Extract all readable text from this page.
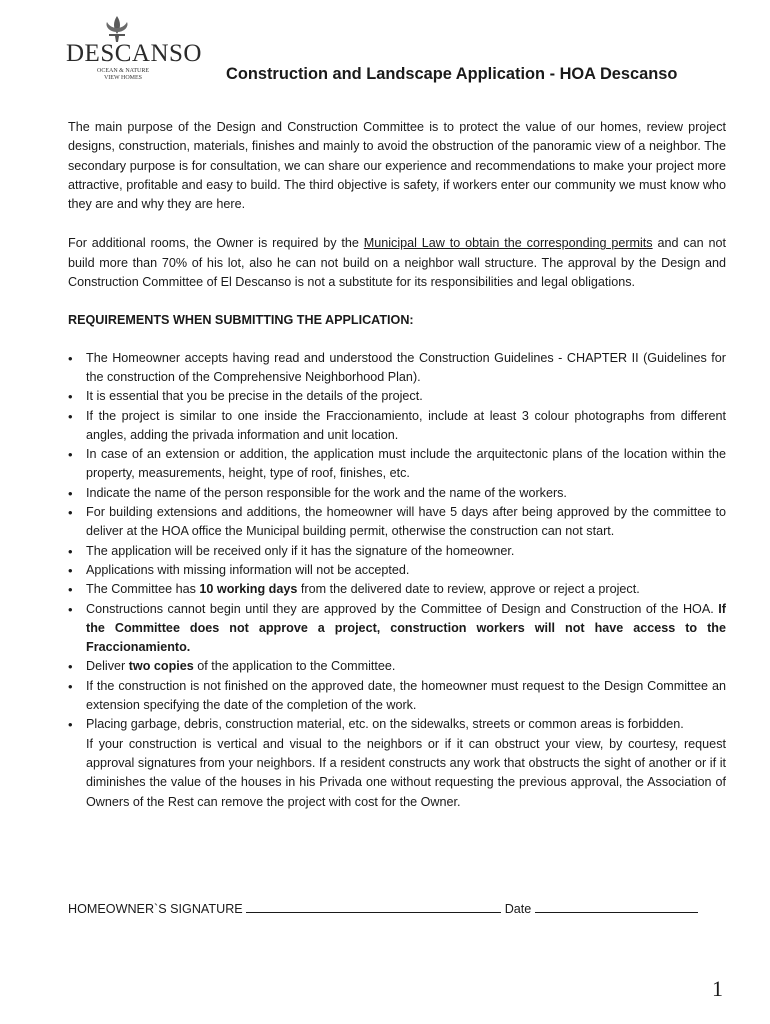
DESCANSO
OCEAN & NATURE
VIEW HOMES	Construction and Landscape Application - HOA Descanso

The main purpose of the Design and Construction Committee is to protect the value of our homes, review project designs, construction, materials, finishes and mainly to avoid the obstruction of the panoramic view of a neighbor. The secondary purpose is for consultation, we can share our experience and recommendations to make your project more attractive, profitable and easy to build. The third objective is safety, if workers enter our community we must know who they are and why they are here.

For additional rooms, the Owner is required by the Municipal Law to obtain the corresponding permits and can not build more than 70% of his lot, also he can not build on a neighbor wall structure. The approval by the Design and Construction Committee of El Descanso is not a substitute for its responsibilities and legal obligations.

REQUIREMENTS WHEN SUBMITTING THE APPLICATION:

• The Homeowner accepts having read and understood the Construction Guidelines - CHAPTER II (Guidelines for the construction of the Comprehensive Neighborhood Plan).
• It is essential that you be precise in the details of the project.
• If the project is similar to one inside the Fraccionamiento, include at least 3 colour photographs from different angles, adding the privada information and unit location.
• In case of an extension or addition, the application must include the arquitectonic plans of the location within the property, measurements, height, type of roof, finishes, etc.
• Indicate the name of the person responsible for the work and the name of the workers.
• For building extensions and additions, the homeowner will have 5 days after being approved by the committee to deliver at the HOA office the Municipal building permit, otherwise the construction can not start.
• The application will be received only if it has the signature of the homeowner.
• Applications with missing information will not be accepted.
• The Committee has 10 working days from the delivered date to review, approve or reject a project.
• Constructions cannot begin until they are approved by the Committee of Design and Construction of the HOA. If the Committee does not approve a project, construction workers will not have access to the Fraccionamiento.
• Deliver two copies of the application to the Committee.
• If the construction is not finished on the approved date, the homeowner must request to the Design Committee an extension specifying the date of the completion of the work.
• Placing garbage, debris, construction material, etc. on the sidewalks, streets or common areas is forbidden.

If your construction is vertical and visual to the neighbors or if it can obstruct your view, by courtesy, request approval signatures from your neighbors. If a resident constructs any work that obstructs the sight of another or if it diminishes the value of the houses in his Privada one without requesting the previous approval, the Association of Owners of the Rest can remove the project with cost for the Owner.

HOMEOWNER`S SIGNATURE	Date
1
